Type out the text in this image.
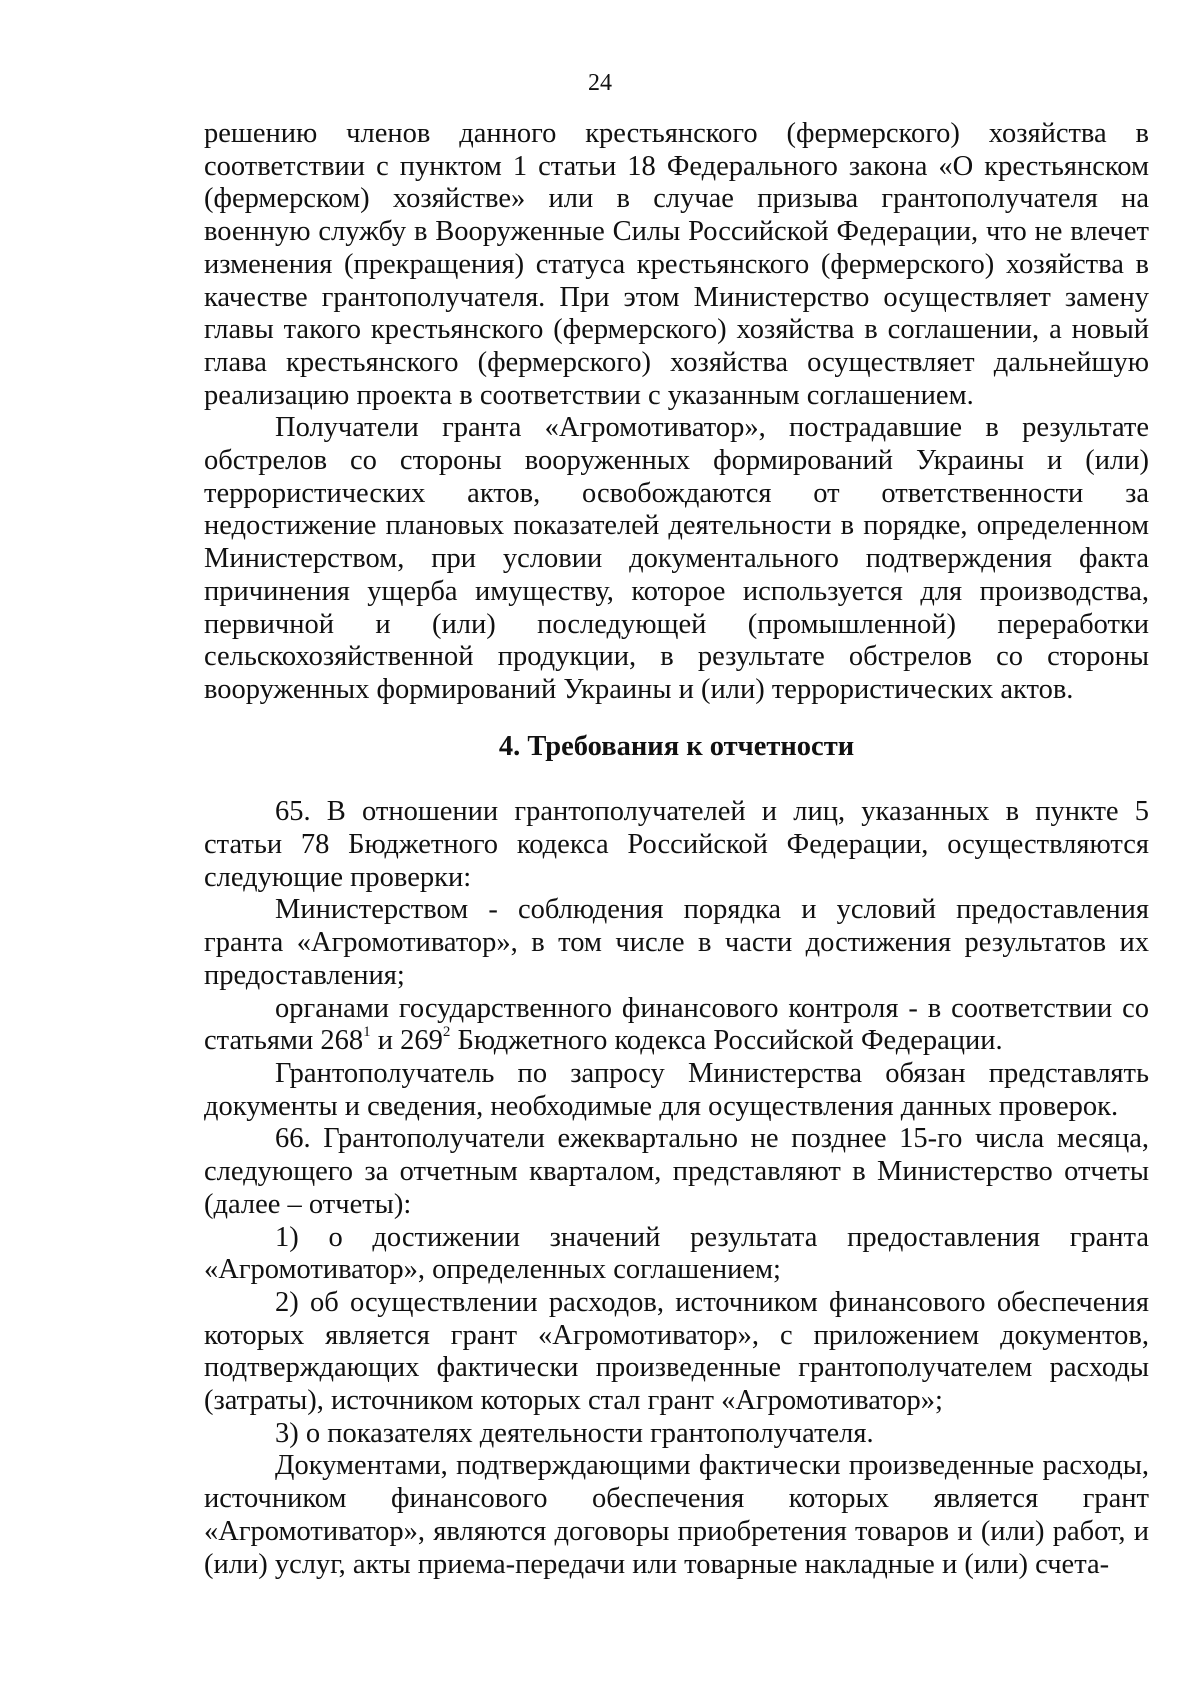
24

решению членов данного крестьянского (фермерского) хозяйства в соответствии с пунктом 1 статьи 18 Федерального закона «О крестьянском (фермерском) хозяйстве» или в случае призыва грантополучателя на военную службу в Вооруженные Силы Российской Федерации, что не влечет изменения (прекращения) статуса крестьянского (фермерского) хозяйства в качестве грантополучателя. При этом Министерство осуществляет замену главы такого крестьянского (фермерского) хозяйства в соглашении, а новый глава крестьянского (фермерского) хозяйства осуществляет дальнейшую реализацию проекта в соответствии с указанным соглашением.

Получатели гранта «Агромотиватор», пострадавшие в результате обстрелов со стороны вооруженных формирований Украины и (или) террористических актов, освобождаются от ответственности за недостижение плановых показателей деятельности в порядке, определенном Министерством, при условии документального подтверждения факта причинения ущерба имуществу, которое используется для производства, первичной и (или) последующей (промышленной) переработки сельскохозяйственной продукции, в результате обстрелов со стороны вооруженных формирований Украины и (или) террористических актов.

4. Требования к отчетности

65. В отношении грантополучателей и лиц, указанных в пункте 5 статьи 78 Бюджетного кодекса Российской Федерации, осуществляются следующие проверки:

Министерством - соблюдения порядка и условий предоставления гранта «Агромотиватор», в том числе в части достижения результатов их предоставления;

органами государственного финансового контроля - в соответствии со статьями $268^1$ и $269^2$ Бюджетного кодекса Российской Федерации.

Грантополучатель по запросу Министерства обязан представлять документы и сведения, необходимые для осуществления данных проверок.

66. Грантополучатели ежеквартально не позднее 15-го числа месяца, следующего за отчетным кварталом, представляют в Министерство отчеты (далее – отчеты):

1) о достижении значений результата предоставления гранта «Агромотиватор», определенных соглашением;

2) об осуществлении расходов, источником финансового обеспечения которых является грант «Агромотиватор», с приложением документов, подтверждающих фактически произведенные грантополучателем расходы (затраты), источником которых стал грант «Агромотиватор»;

3) о показателях деятельности грантополучателя.

Документами, подтверждающими фактически произведенные расходы, источником финансового обеспечения которых является грант «Агромотиватор», являются договоры приобретения товаров и (или) работ, и (или) услуг, акты приема-передачи или товарные накладные и (или) счета-
